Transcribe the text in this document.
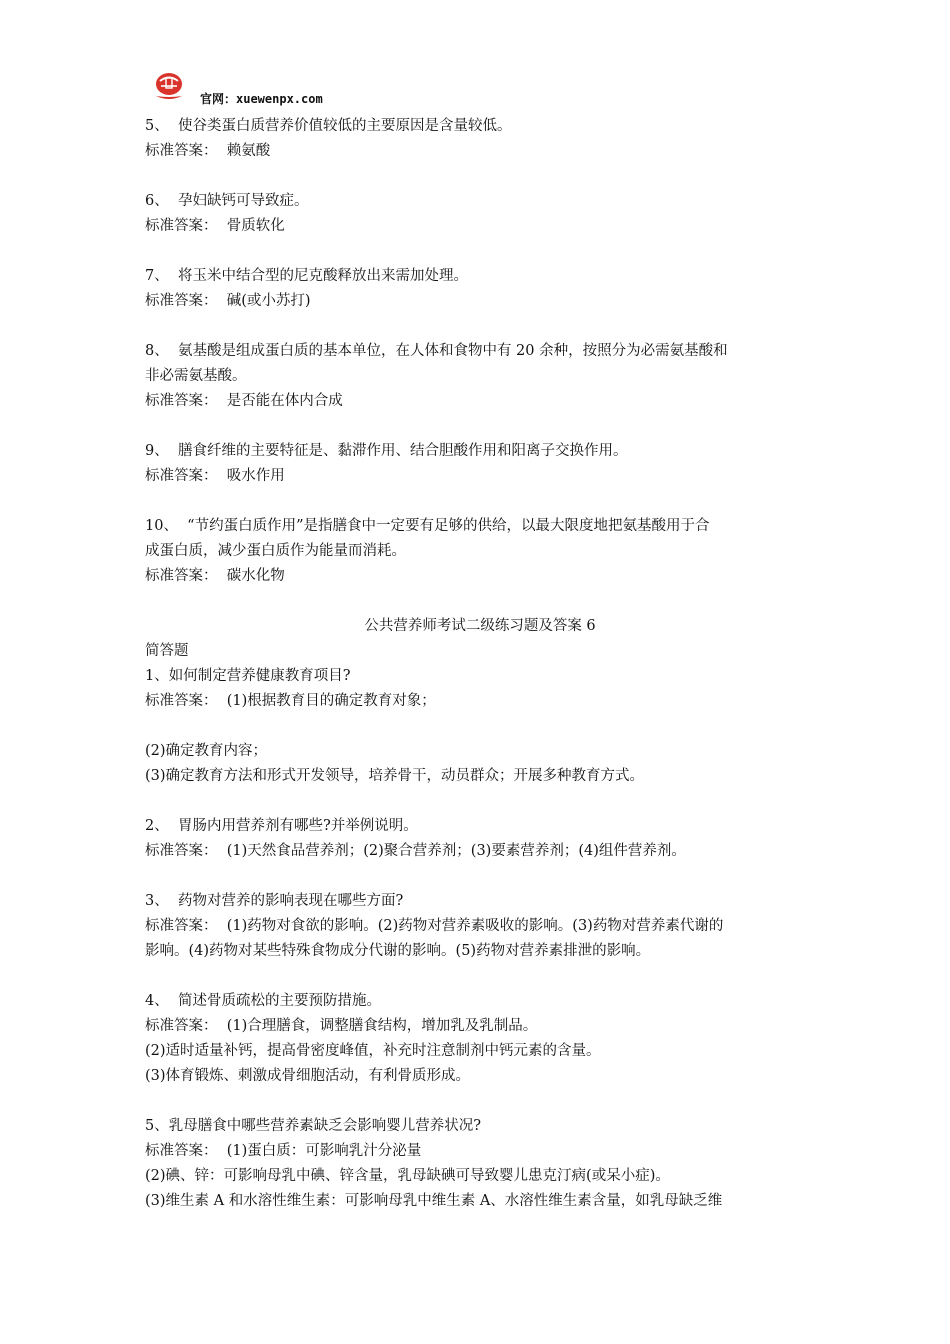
官网：xuewenpx.com
5、  使谷类蛋白质营养价值较低的主要原因是含量较低。
标准答案：  赖氨酸
6、  孕妇缺钙可导致症。
标准答案：  骨质软化
7、  将玉米中结合型的尼克酸释放出来需加处理。
标准答案：  碱(或小苏打)
8、  氨基酸是组成蛋白质的基本单位，在人体和食物中有 20 余种，按照分为必需氨基酸和
非必需氨基酸。
标准答案：  是否能在体内合成
9、  膳食纤维的主要特征是、黏滞作用、结合胆酸作用和阳离子交换作用。
标准答案：  吸水作用
10、  “节约蛋白质作用”是指膳食中一定要有足够的供给，以最大限度地把氨基酸用于合
成蛋白质，减少蛋白质作为能量而消耗。
标准答案：  碳水化物
公共营养师考试二级练习题及答案 6
简答题
1、如何制定营养健康教育项目?
标准答案：  (1)根据教育目的确定教育对象；
(2)确定教育内容；
(3)确定教育方法和形式开发领导，培养骨干，动员群众；开展多种教育方式。
2、  胃肠内用营养剂有哪些?并举例说明。
标准答案：  (1)天然食品营养剂；(2)聚合营养剂；(3)要素营养剂；(4)组件营养剂。
3、  药物对营养的影响表现在哪些方面?
标准答案：  (1)药物对食欲的影响。(2)药物对营养素吸收的影响。(3)药物对营养素代谢的
影响。(4)药物对某些特殊食物成分代谢的影响。(5)药物对营养素排泄的影响。
4、  简述骨质疏松的主要预防措施。
标准答案：  (1)合理膳食，调整膳食结构，增加乳及乳制品。
(2)适时适量补钙，提高骨密度峰值，补充时注意制剂中钙元素的含量。
(3)体育锻炼、刺激成骨细胞活动，有利骨质形成。
5、乳母膳食中哪些营养素缺乏会影响婴儿营养状况?
标准答案：  (1)蛋白质：可影响乳汁分泌量
(2)碘、锌：可影响母乳中碘、锌含量，乳母缺碘可导致婴儿患克汀病(或呆小症)。
(3)维生素 A 和水溶性维生素：可影响母乳中维生素 A、水溶性维生素含量，如乳母缺乏维
